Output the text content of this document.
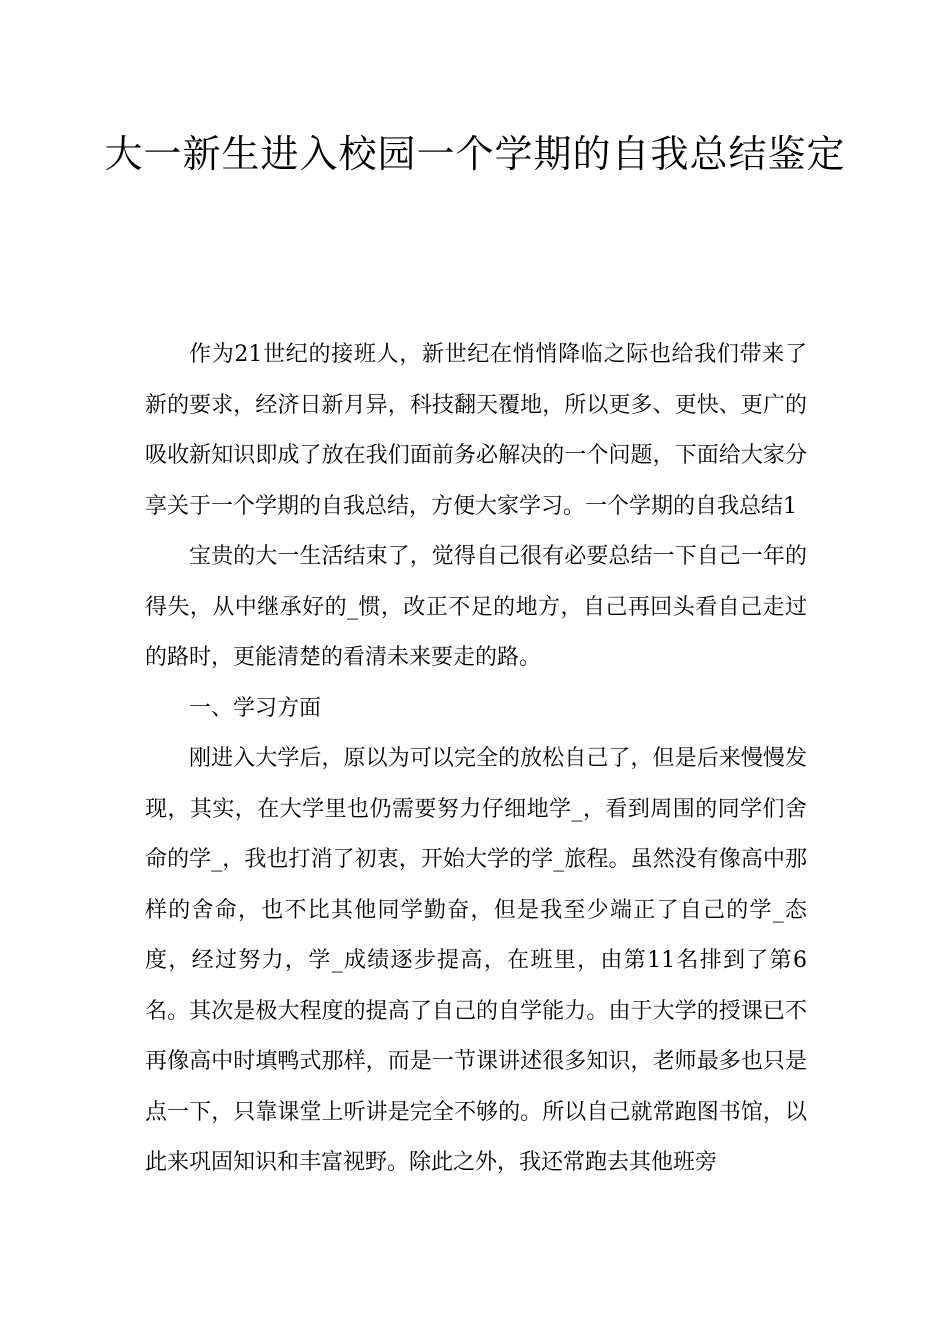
大一新生进入校园一个学期的自我总结鉴定

作为21世纪的接班人，新世纪在悄悄降临之际也给我们带来了新的要求，经济日新月异，科技翻天覆地，所以更多、更快、更广的吸收新知识即成了放在我们面前务必解决的一个问题，下面给大家分享关于一个学期的自我总结，方便大家学习。一个学期的自我总结1

宝贵的大一生活结束了，觉得自己很有必要总结一下自己一年的得失，从中继承好的_惯，改正不足的地方，自己再回头看自己走过的路时，更能清楚的看清未来要走的路。

一、学习方面

刚进入大学后，原以为可以完全的放松自己了，但是后来慢慢发现，其实，在大学里也仍需要努力仔细地学_，看到周围的同学们舍命的学_，我也打消了初衷，开始大学的学_旅程。虽然没有像高中那样的舍命，也不比其他同学勤奋，但是我至少端正了自己的学_态度，经过努力，学_成绩逐步提高，在班里，由第11名排到了第6名。其次是极大程度的提高了自己的自学能力。由于大学的授课已不再像高中时填鸭式那样，而是一节课讲述很多知识，老师最多也只是点一下，只靠课堂上听讲是完全不够的。所以自己就常跑图书馆，以此来巩固知识和丰富视野。除此之外，我还常跑去其他班旁
